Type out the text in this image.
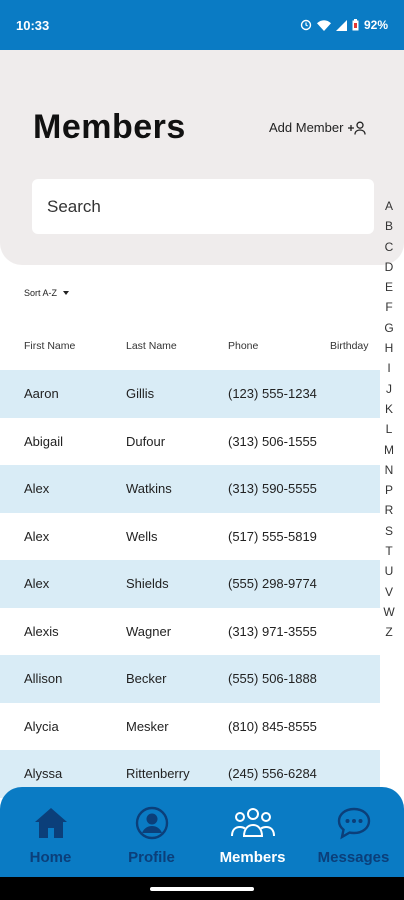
10:33	92%
Members	Add Member
Search
A
B
C
D
E
F
G
H
I
J
K
L
M
N
P
R
S
T
U
V
W
Z
Sort A-Z
First Name	Last Name	Phone	Birthday
Aaron	Gillis	(123) 555-1234
Abigail	Dufour	(313) 506-1555
Alex	Watkins	(313) 590-5555
Alex	Wells	(517) 555-5819
Alex	Shields	(555) 298-9774
Alexis	Wagner	(313) 971-3555
Allison	Becker	(555) 506-1888
Alycia	Mesker	(810) 845-8555
Alyssa	Rittenberry	(245) 556-6284
Home	Profile	Members Messages
